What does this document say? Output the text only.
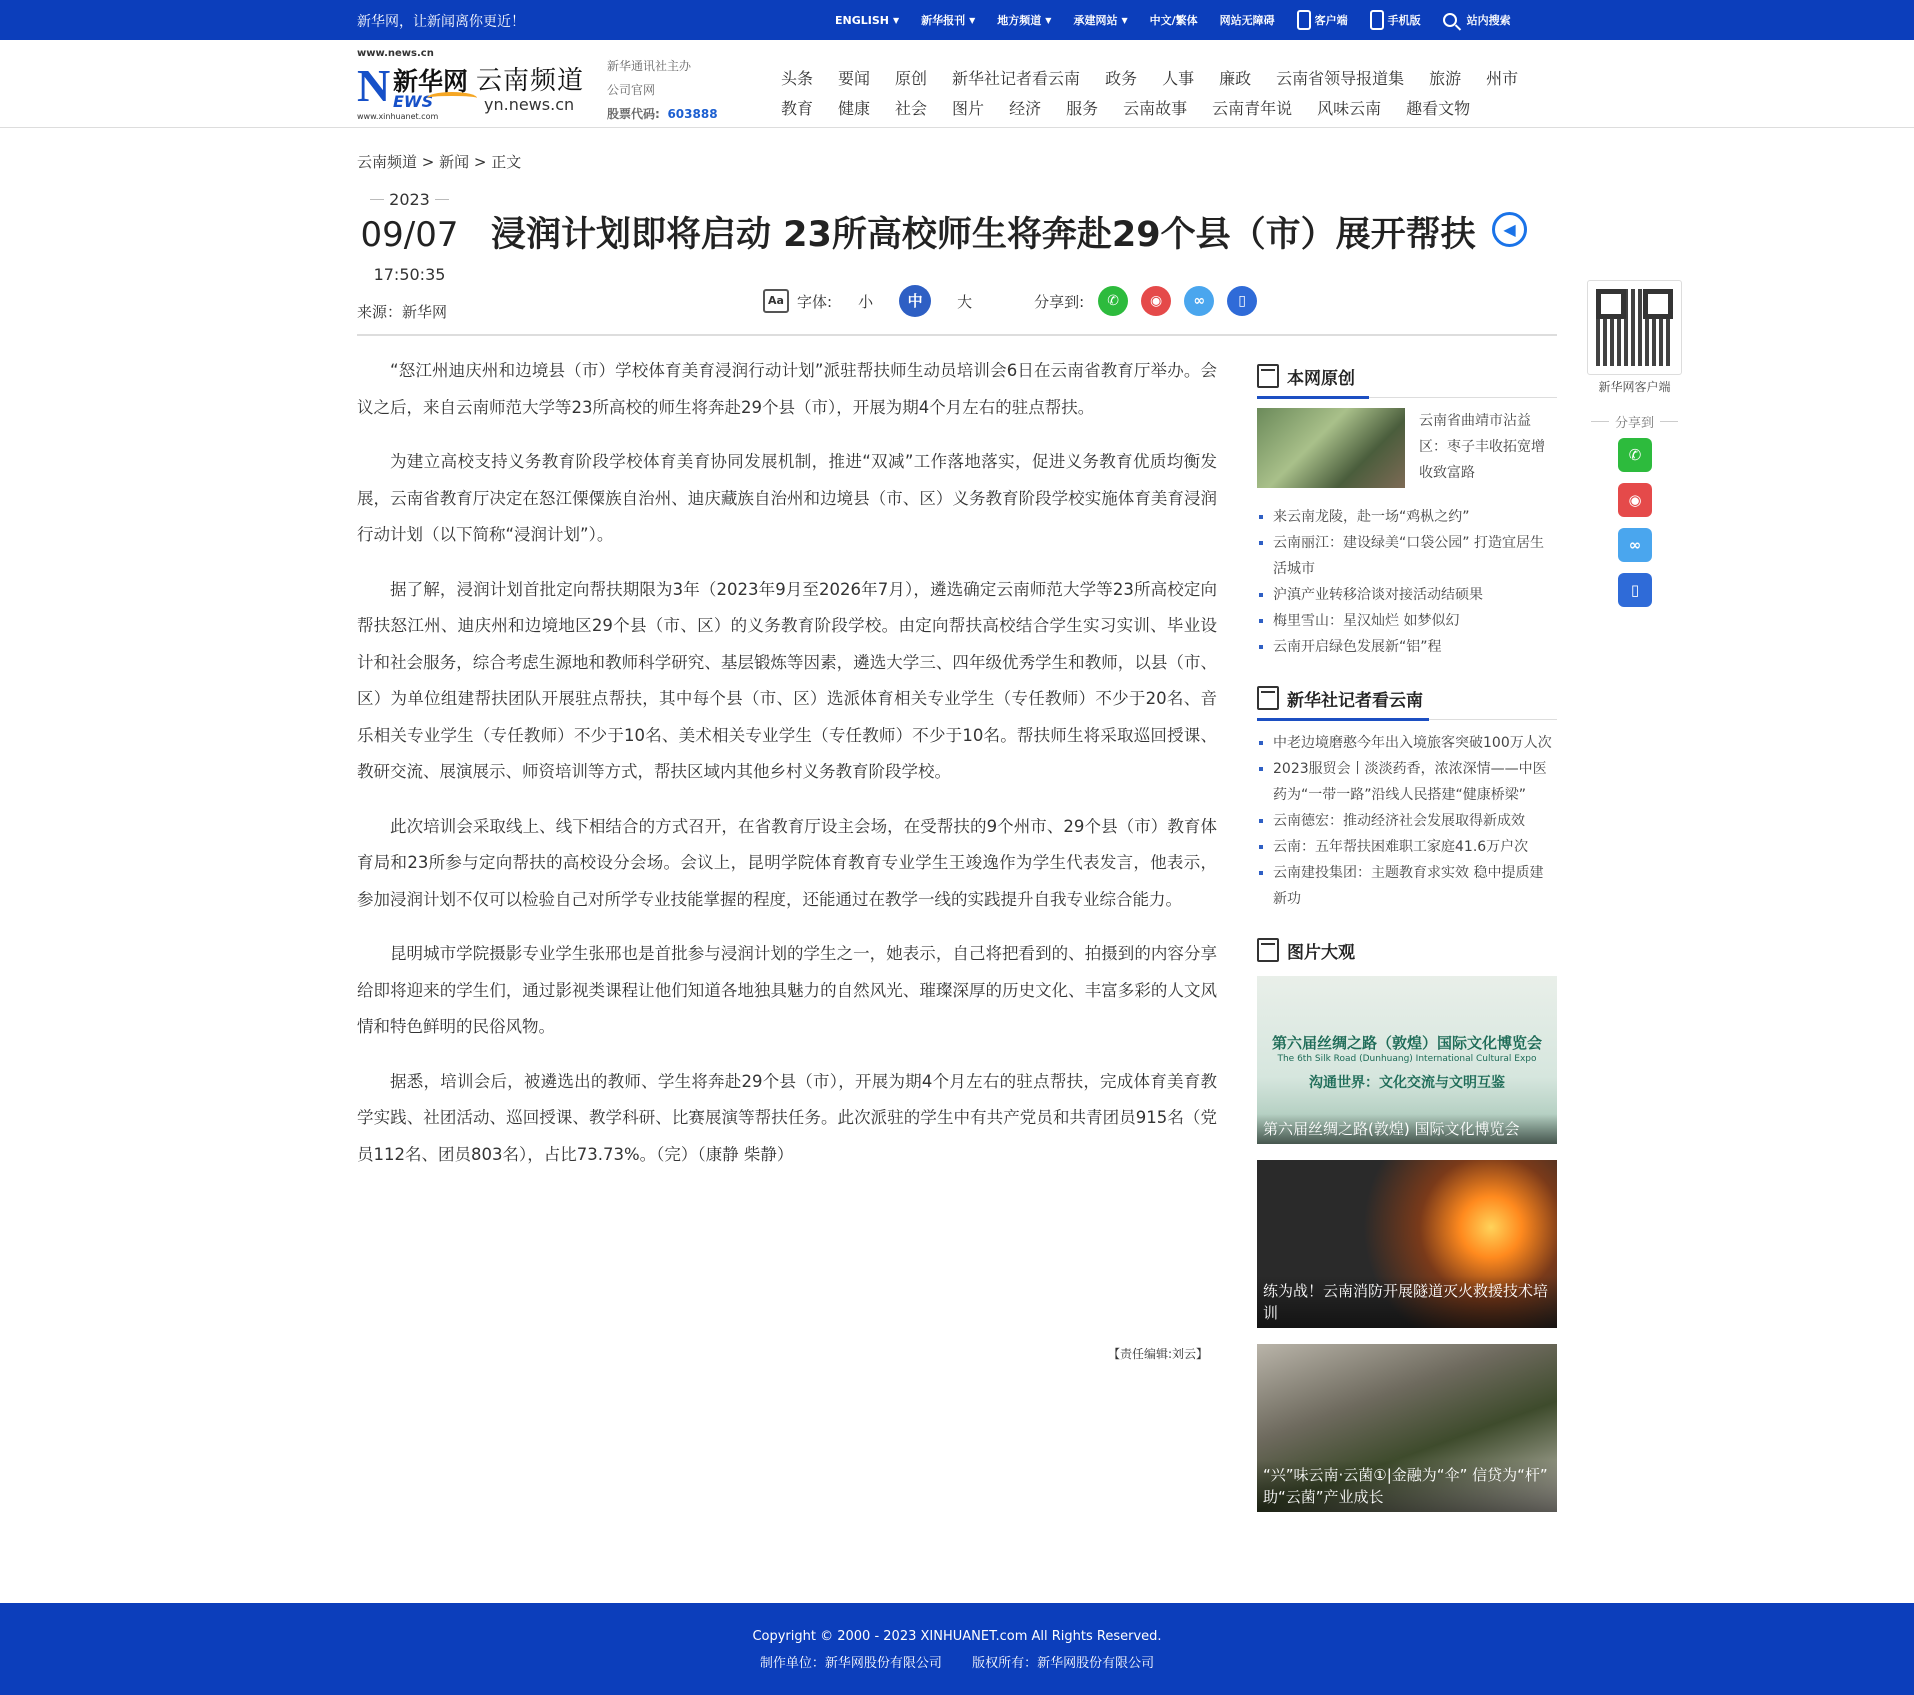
新华网，让新闻离你更近！	ENGLISH ▼ 新华报刊 ▼ 地方频道 ▼ 承建网站 ▼ 中文/繁体 网站无障碍	客户端	手机版	站内搜索
www.news.cn
N 新华网
EWS
www.xinhuanet.com
云南频道
yn.news.cn
新华通讯社主办
公司官网
股票代码: 603888
头条 要闻 原创 新华社记者看云南 政务 人事 廉政 云南省领导报道集 旅游 州市
教育 健康 社会 图片 经济 服务 云南故事 云南青年说 风味云南 趣看文物
云南频道 > 新闻 > 正文
2023
09/07
17:50:35
来源：新华网
浸润计划即将启动 23所高校师生将奔赴29个县（市）展开帮扶	◀
Aa 字体: 小	中	大	分享到:	✆	◉	∞	▯

“怒江州迪庆州和边境县（市）学校体育美育浸润行动计划”派驻帮扶师生动员培训会6日在云南省教育厅举办。会议之后，来自云南师范大学等23所高校的师生将奔赴29个县（市），开展为期4个月左右的驻点帮扶。

为建立高校支持义务教育阶段学校体育美育协同发展机制，推进“双减”工作落地落实，促进义务教育优质均衡发展，云南省教育厅决定在怒江傈僳族自治州、迪庆藏族自治州和边境县（市、区）义务教育阶段学校实施体育美育浸润行动计划（以下简称“浸润计划”）。

据了解，浸润计划首批定向帮扶期限为3年（2023年9月至2026年7月），遴选确定云南师范大学等23所高校定向帮扶怒江州、迪庆州和边境地区29个县（市、区）的义务教育阶段学校。由定向帮扶高校结合学生实习实训、毕业设计和社会服务，综合考虑生源地和教师科学研究、基层锻炼等因素，遴选大学三、四年级优秀学生和教师，以县（市、区）为单位组建帮扶团队开展驻点帮扶，其中每个县（市、区）选派体育相关专业学生（专任教师）不少于20名、音乐相关专业学生（专任教师）不少于10名、美术相关专业学生（专任教师）不少于10名。帮扶师生将采取巡回授课、教研交流、展演展示、师资培训等方式，帮扶区域内其他乡村义务教育阶段学校。

此次培训会采取线上、线下相结合的方式召开，在省教育厅设主会场，在受帮扶的9个州市、29个县（市）教育体育局和23所参与定向帮扶的高校设分会场。会议上，昆明学院体育教育专业学生王竣逸作为学生代表发言，他表示，参加浸润计划不仅可以检验自己对所学专业技能掌握的程度，还能通过在教学一线的实践提升自我专业综合能力。

昆明城市学院摄影专业学生张邢也是首批参与浸润计划的学生之一，她表示，自己将把看到的、拍摄到的内容分享给即将迎来的学生们，通过影视类课程让他们知道各地独具魅力的自然风光、璀璨深厚的历史文化、丰富多彩的人文风情和特色鲜明的民俗风物。

据悉，培训会后，被遴选出的教师、学生将奔赴29个县（市），开展为期4个月左右的驻点帮扶，完成体育美育教学实践、社团活动、巡回授课、教学科研、比赛展演等帮扶任务。此次派驻的学生中有共产党员和共青团员915名（党员112名、团员803名），占比73.73%。（完）（康静 柴静）

【责任编辑:刘云】
新华网客户端
分享到
✆
◉
∞
▯
本网原创
云南省曲靖市沾益区：枣子丰收拓宽增收致富路
来云南龙陵，赴一场“鸡枞之约”
云南丽江：建设绿美“口袋公园” 打造宜居生活城市
沪滇产业转移洽谈对接活动结硕果
梅里雪山：星汉灿烂 如梦似幻
云南开启绿色发展新“铝”程
新华社记者看云南
中老边境磨憨今年出入境旅客突破100万人次
2023服贸会丨淡淡药香，浓浓深情——中医药为“一带一路”沿线人民搭建“健康桥梁”
云南德宏：推动经济社会发展取得新成效
云南：五年帮扶困难职工家庭41.6万户次
云南建投集团：主题教育求实效 稳中提质建新功
图片大观
第六届丝绸之路（敦煌）国际文化博览会
The 6th Silk Road (Dunhuang) International Cultural Expo
沟通世界：文化交流与文明互鉴
第六届丝绸之路(敦煌) 国际文化博览会
练为战！云南消防开展隧道灭火救援技术培训
“兴”味云南·云菌①|金融为“伞” 信贷为“杆” 助“云菌”产业成长
Copyright © 2000 - 2023 XINHUANET.com All Rights Reserved.
制作单位：新华网股份有限公司 版权所有：新华网股份有限公司
